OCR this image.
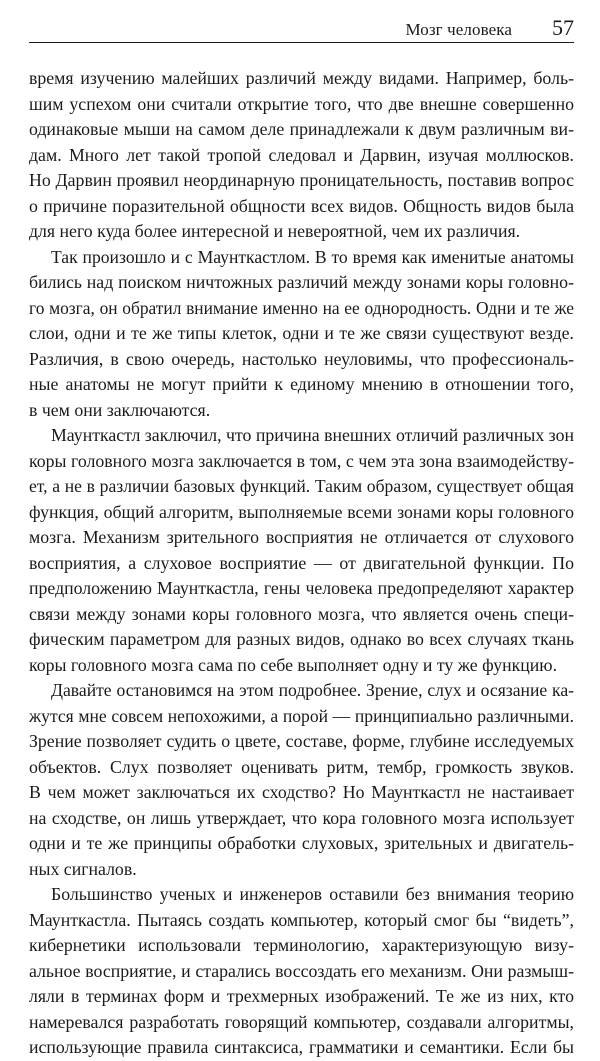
Мозг человека 57

время изучению малейших различий между видами. Например, боль-
шим успехом они считали открытие того, что две внешне совершенно
одинаковые мыши на самом деле принадлежали к двум различным ви-
дам. Много лет такой тропой следовал и Дарвин, изучая моллюсков.
Но Дарвин проявил неординарную проницательность, поставив вопрос
о причине поразительной общности всех видов. Общность видов была
для него куда более интересной и невероятной, чем их различия.

Так произошло и с Маунткастлом. В то время как именитые анатомы
бились над поиском ничтожных различий между зонами коры головно-
го мозга, он обратил внимание именно на ее однородность. Одни и те же
слои, одни и те же типы клеток, одни и те же связи существуют везде.
Различия, в свою очередь, настолько неуловимы, что профессиональ-
ные анатомы не могут прийти к единому мнению в отношении того,
в чем они заключаются.

Маунткастл заключил, что причина внешних отличий различных зон
коры головного мозга заключается в том, с чем эта зона взаимодейству-
ет, а не в различии базовых функций. Таким образом, существует общая
функция, общий алгоритм, выполняемые всеми зонами коры головного
мозга. Механизм зрительного восприятия не отличается от слухового
восприятия, а слуховое восприятие — от двигательной функции. По
предположению Маунткастла, гены человека предопределяют характер
связи между зонами коры головного мозга, что является очень специ-
фическим параметром для разных видов, однако во всех случаях ткань
коры головного мозга сама по себе выполняет одну и ту же функцию.

Давайте остановимся на этом подробнее. Зрение, слух и осязание ка-
жутся мне совсем непохожими, а порой — принципиально различными.
Зрение позволяет судить о цвете, составе, форме, глубине исследуемых
объектов. Слух позволяет оценивать ритм, тембр, громкость звуков.
В чем может заключаться их сходство? Но Маунткастл не настаивает
на сходстве, он лишь утверждает, что кора головного мозга использует
одни и те же принципы обработки слуховых, зрительных и двигатель-
ных сигналов.

Большинство ученых и инженеров оставили без внимания теорию
Маунткастла. Пытаясь создать компьютер, который смог бы “видеть”,
кибернетики использовали терминологию, характеризующую визу-
альное восприятие, и старались воссоздать его механизм. Они размыш-
ляли в терминах форм и трехмерных изображений. Те же из них, кто
намеревался разработать говорящий компьютер, создавали алгоритмы,
использующие правила синтаксиса, грамматики и семантики. Если бы
